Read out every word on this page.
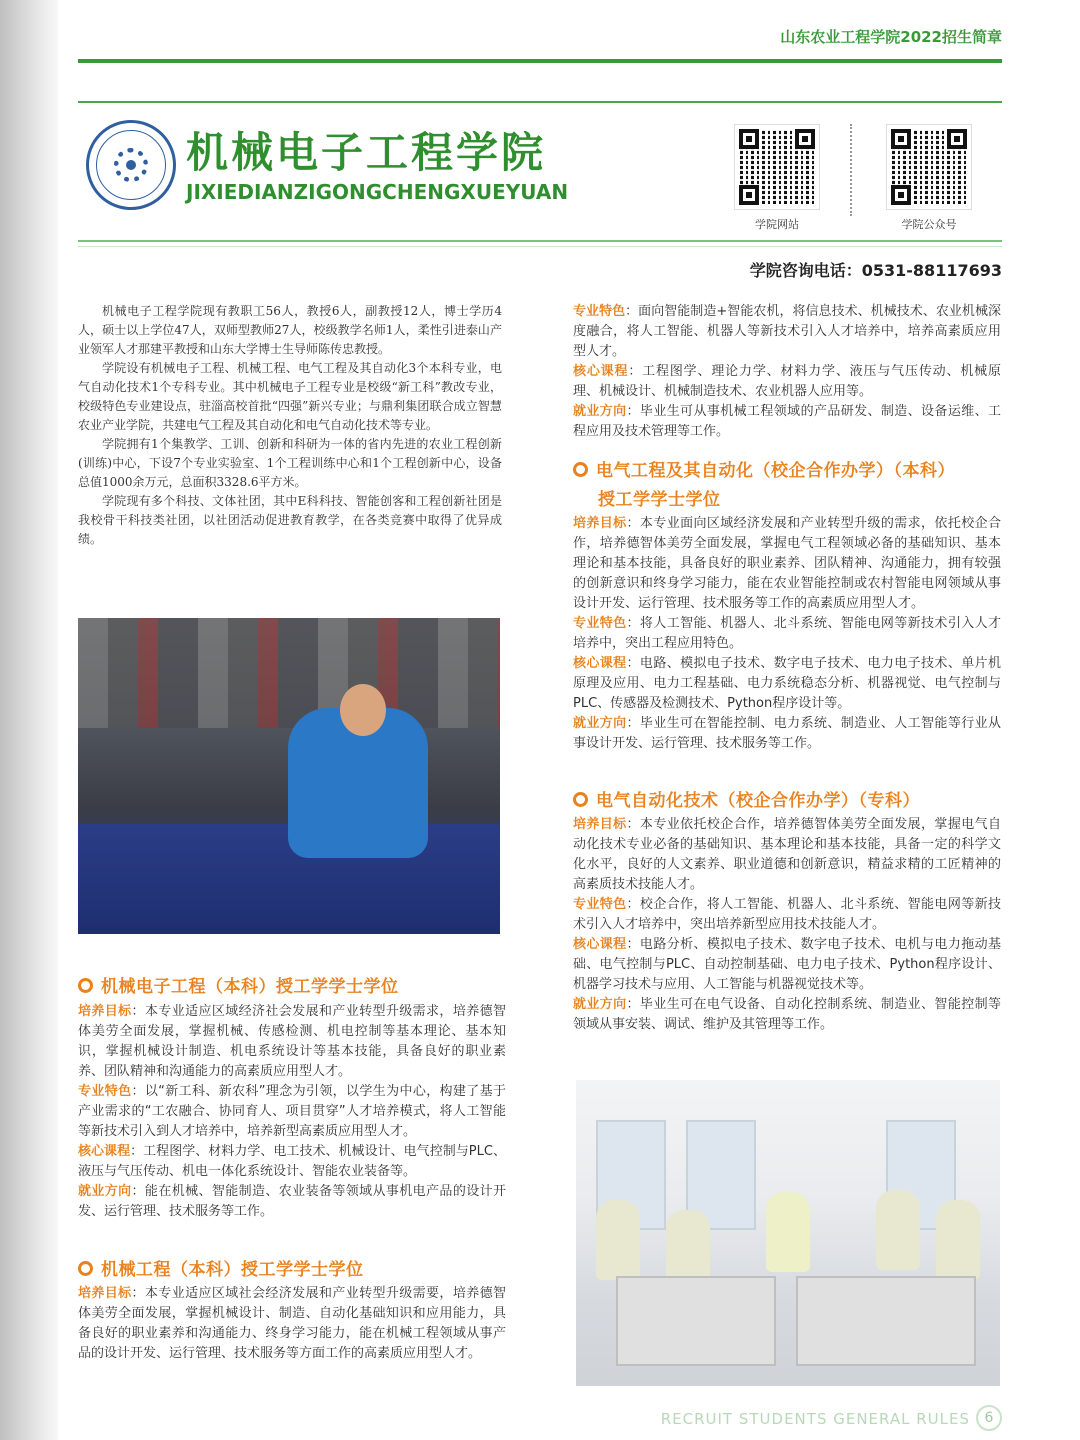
山东农业工程学院2022招生简章
机械电子工程学院
JIXIEDIANZIGONGCHENGXUEYUAN
学院网站	学院公众号
学院咨询电话：0531-88117693

机械电子工程学院现有教职工56人，教授6人，副教授12人，博士学历4人，硕士以上学位47人，双师型教师27人，校级教学名师1人，柔性引进泰山产业领军人才那建平教授和山东大学博士生导师陈传忠教授。

学院设有机械电子工程、机械工程、电气工程及其自动化3个本科专业，电气自动化技术1个专科专业。其中机械电子工程专业是校级“新工科”教改专业，校级特色专业建设点，驻淄高校首批“四强”新兴专业；与鼎利集团联合成立智慧农业产业学院，共建电气工程及其自动化和电气自动化技术等专业。

学院拥有1个集教学、工训、创新和科研为一体的省内先进的农业工程创新(训练)中心，下设7个专业实验室、1个工程训练中心和1个工程创新中心，设备总值1000余万元，总面积3328.6平方米。

学院现有多个科技、文体社团，其中E科科技、智能创客和工程创新社团是我校骨干科技类社团，以社团活动促进教育教学，在各类竞赛中取得了优异成绩。

机械电子工程（本科）授工学学士学位

培养目标：本专业适应区域经济社会发展和产业转型升级需求，培养德智体美劳全面发展，掌握机械、传感检测、机电控制等基本理论、基本知识，掌握机械设计制造、机电系统设计等基本技能，具备良好的职业素养、团队精神和沟通能力的高素质应用型人才。

专业特色：以“新工科、新农科”理念为引领，以学生为中心，构建了基于产业需求的“工农融合、协同育人、项目贯穿”人才培养模式，将人工智能等新技术引入到人才培养中，培养新型高素质应用型人才。

核心课程：工程图学、材料力学、电工技术、机械设计、电气控制与PLC、液压与气压传动、机电一体化系统设计、智能农业装备等。

就业方向：能在机械、智能制造、农业装备等领域从事机电产品的设计开发、运行管理、技术服务等工作。

机械工程（本科）授工学学士学位

培养目标：本专业适应区域社会经济发展和产业转型升级需要，培养德智体美劳全面发展，掌握机械设计、制造、自动化基础知识和应用能力，具备良好的职业素养和沟通能力、终身学习能力，能在机械工程领域从事产品的设计开发、运行管理、技术服务等方面工作的高素质应用型人才。

专业特色：面向智能制造+智能农机，将信息技术、机械技术、农业机械深度融合，将人工智能、机器人等新技术引入人才培养中，培养高素质应用型人才。

核心课程：工程图学、理论力学、材料力学、液压与气压传动、机械原理、机械设计、机械制造技术、农业机器人应用等。

就业方向：毕业生可从事机械工程领域的产品研发、制造、设备运维、工程应用及技术管理等工作。

电气工程及其自动化（校企合作办学）（本科）
授工学学士学位

培养目标：本专业面向区域经济发展和产业转型升级的需求，依托校企合作，培养德智体美劳全面发展，掌握电气工程领域必备的基础知识、基本理论和基本技能，具备良好的职业素养、团队精神、沟通能力，拥有较强的创新意识和终身学习能力，能在农业智能控制或农村智能电网领域从事设计开发、运行管理、技术服务等工作的高素质应用型人才。

专业特色：将人工智能、机器人、北斗系统、智能电网等新技术引入人才培养中，突出工程应用特色。

核心课程：电路、模拟电子技术、数字电子技术、电力电子技术、单片机原理及应用、电力工程基础、电力系统稳态分析、机器视觉、电气控制与PLC、传感器及检测技术、Python程序设计等。

就业方向：毕业生可在智能控制、电力系统、制造业、人工智能等行业从事设计开发、运行管理、技术服务等工作。

电气自动化技术（校企合作办学）（专科）

培养目标：本专业依托校企合作，培养德智体美劳全面发展，掌握电气自动化技术专业必备的基础知识、基本理论和基本技能，具备一定的科学文化水平，良好的人文素养、职业道德和创新意识，精益求精的工匠精神的高素质技术技能人才。

专业特色：校企合作，将人工智能、机器人、北斗系统、智能电网等新技术引入人才培养中，突出培养新型应用技术技能人才。

核心课程：电路分析、模拟电子技术、数字电子技术、电机与电力拖动基础、电气控制与PLC、自动控制基础、电力电子技术、Python程序设计、机器学习技术与应用、人工智能与机器视觉技术等。

就业方向：毕业生可在电气设备、自动化控制系统、制造业、智能控制等领域从事安装、调试、维护及其管理等工作。

RECRUIT STUDENTS GENERAL RULES	6
